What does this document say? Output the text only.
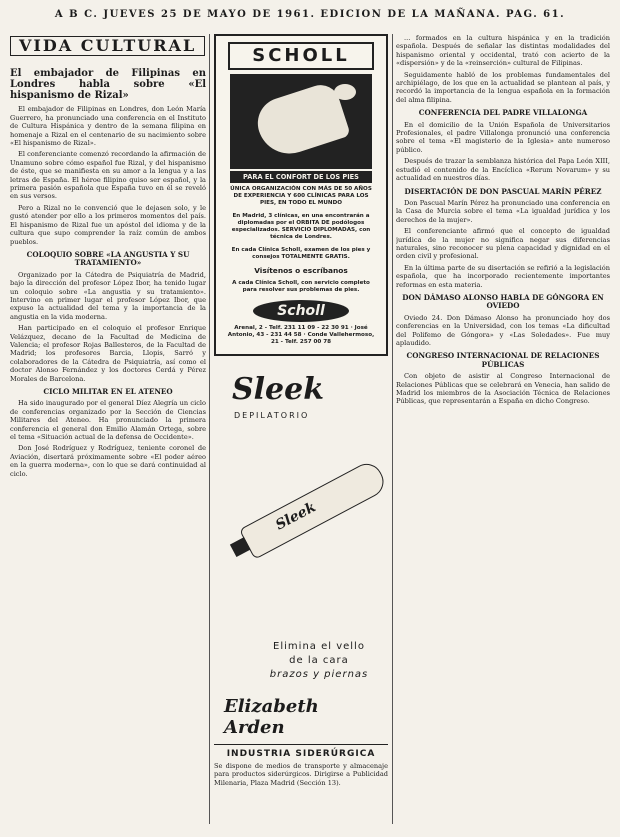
A B C. JUEVES 25 DE MAYO DE 1961. EDICION DE LA MAÑANA. PAG. 61.
VIDA CULTURAL
El embajador de Filipinas en Londres habla sobre «El hispanismo de Rizal»

El embajador de Filipinas en Londres, don León María Guerrero, ha pronunciado una conferencia en el Instituto de Cultura Hispánica y dentro de la semana filipina en homenaje a Rizal en el centenario de su nacimiento sobre «El hispanismo de Rizal».

El conferenciante comenzó recordando la afirmación de Unamuno sobre cómo español fue Rizal, y del hispanismo de éste, que se manifiesta en su amor a la lengua y a las letras de España. El héroe filipino quiso ser español, y la primera pasión española que España tuvo en él se reveló en sus versos.

Pero a Rizal no le convenció que le dejasen solo, y le gustó atender por ello a los primeros momentos del país. El hispanismo de Rizal fue un apóstol del idioma y de la cultura que supo comprender la raíz común de ambos pueblos.

COLOQUIO SOBRE «LA ANGUSTIA Y SU TRATAMIENTO»

Organizado por la Cátedra de Psiquiatría de Madrid, bajo la dirección del profesor López Ibor, ha tenido lugar un coloquio sobre «La angustia y su tratamiento». Intervino en primer lugar el profesor López Ibor, que expuso la actualidad del tema y la importancia de la angustia en la vida moderna.

Han participado en el coloquio el profesor Enrique Velázquez, decano de la Facultad de Medicina de Valencia; el profesor Rojas Ballesteros, de la Facultad de Madrid; los profesores Barcia, Llopis, Sarró y colaboradores de la Cátedra de Psiquiatría, así como el doctor Alonso Fernández y los doctores Cerdá y Pérez Morales de Barcelona.

CICLO MILITAR EN EL ATENEO

Ha sido inaugurado por el general Díez Alegría un ciclo de conferencias organizado por la Sección de Ciencias Militares del Ateneo. Ha pronunciado la primera conferencia el general don Emilio Alamán Ortega, sobre el tema «Situación actual de la defensa de Occidente».

Don José Rodríguez y Rodríguez, teniente coronel de Aviación, disertará próximamente sobre «El poder aéreo en la guerra moderna», con lo que se dará continuidad al ciclo.

SCHOLL
PARA EL CONFORT DE LOS PIES
ÚNICA ORGANIZACIÓN CON MÁS DE 50 AÑOS DE EXPERIENCIA Y 600 CLÍNICAS PARA LOS PIES, EN TODO EL MUNDO
En Madrid, 3 clínicas, en una encontrarán a diplomadas por el ORBITA DE podólogos especializados. SERVICIO DIPLOMADAS, con técnica de Londres.
En cada Clínica Scholl, examen de los pies y consejos TOTALMENTE GRATIS.
Visítenos o escríbanos
A cada Clínica Scholl, con servicio completo para resolver sus problemas de pies.
Scholl
Arenal, 2 - Telf. 231 11 09 - 22 30 91 · José Antonio, 43 - 231 44 58 · Conde Vallehermoso, 21 - Telf. 257 00 78
Sleek
DEPILATORIO
Sleek
Elimina el vello
de la cara
brazos y piernas
Elizabeth Arden
INDUSTRIA SIDERÚRGICA
Se dispone de medios de transporte y almacenaje para productos siderúrgicos. Dirigirse a Publicidad Milenaria, Plaza Madrid (Sección 13).

... formados en la cultura hispánica y en la tradición española. Después de señalar las distintas modalidades del hispanismo oriental y occidental, trató con acierto de la «dispersión» y de la «reinserción» cultural de Filipinas.

Seguidamente habló de los problemas fundamentales del archipiélago, de los que en la actualidad se plantean al país, y recordó la importancia de la lengua española en la formación del alma filipina.

CONFERENCIA DEL PADRE VILLALONGA

En el domicilio de la Unión Española de Universitarios Profesionales, el padre Villalonga pronunció una conferencia sobre el tema «El magisterio de la Iglesia» ante numeroso público.

Después de trazar la semblanza histórica del Papa León XIII, estudió el contenido de la Encíclica «Rerum Novarum» y su actualidad en nuestros días.

DISERTACIÓN DE DON PASCUAL MARÍN PÉREZ

Don Pascual Marín Pérez ha pronunciado una conferencia en la Casa de Murcia sobre el tema «La igualdad jurídica y los derechos de la mujer».

El conferenciante afirmó que el concepto de igualdad jurídica de la mujer no significa negar sus diferencias naturales, sino reconocer su plena capacidad y dignidad en el orden civil y profesional.

En la última parte de su disertación se refirió a la legislación española, que ha incorporado recientemente importantes reformas en esta materia.

DON DÁMASO ALONSO HABLA DE GÓNGORA EN OVIEDO

Oviedo 24. Don Dámaso Alonso ha pronunciado hoy dos conferencias en la Universidad, con los temas «La dificultad del Polifemo de Góngora» y «Las Soledades». Fue muy aplaudido.

CONGRESO INTERNACIONAL DE RELACIONES PÚBLICAS

Con objeto de asistir al Congreso Internacional de Relaciones Públicas que se celebrará en Venecia, han salido de Madrid los miembros de la Asociación Técnica de Relaciones Públicas, que representarán a España en dicho Congreso.
